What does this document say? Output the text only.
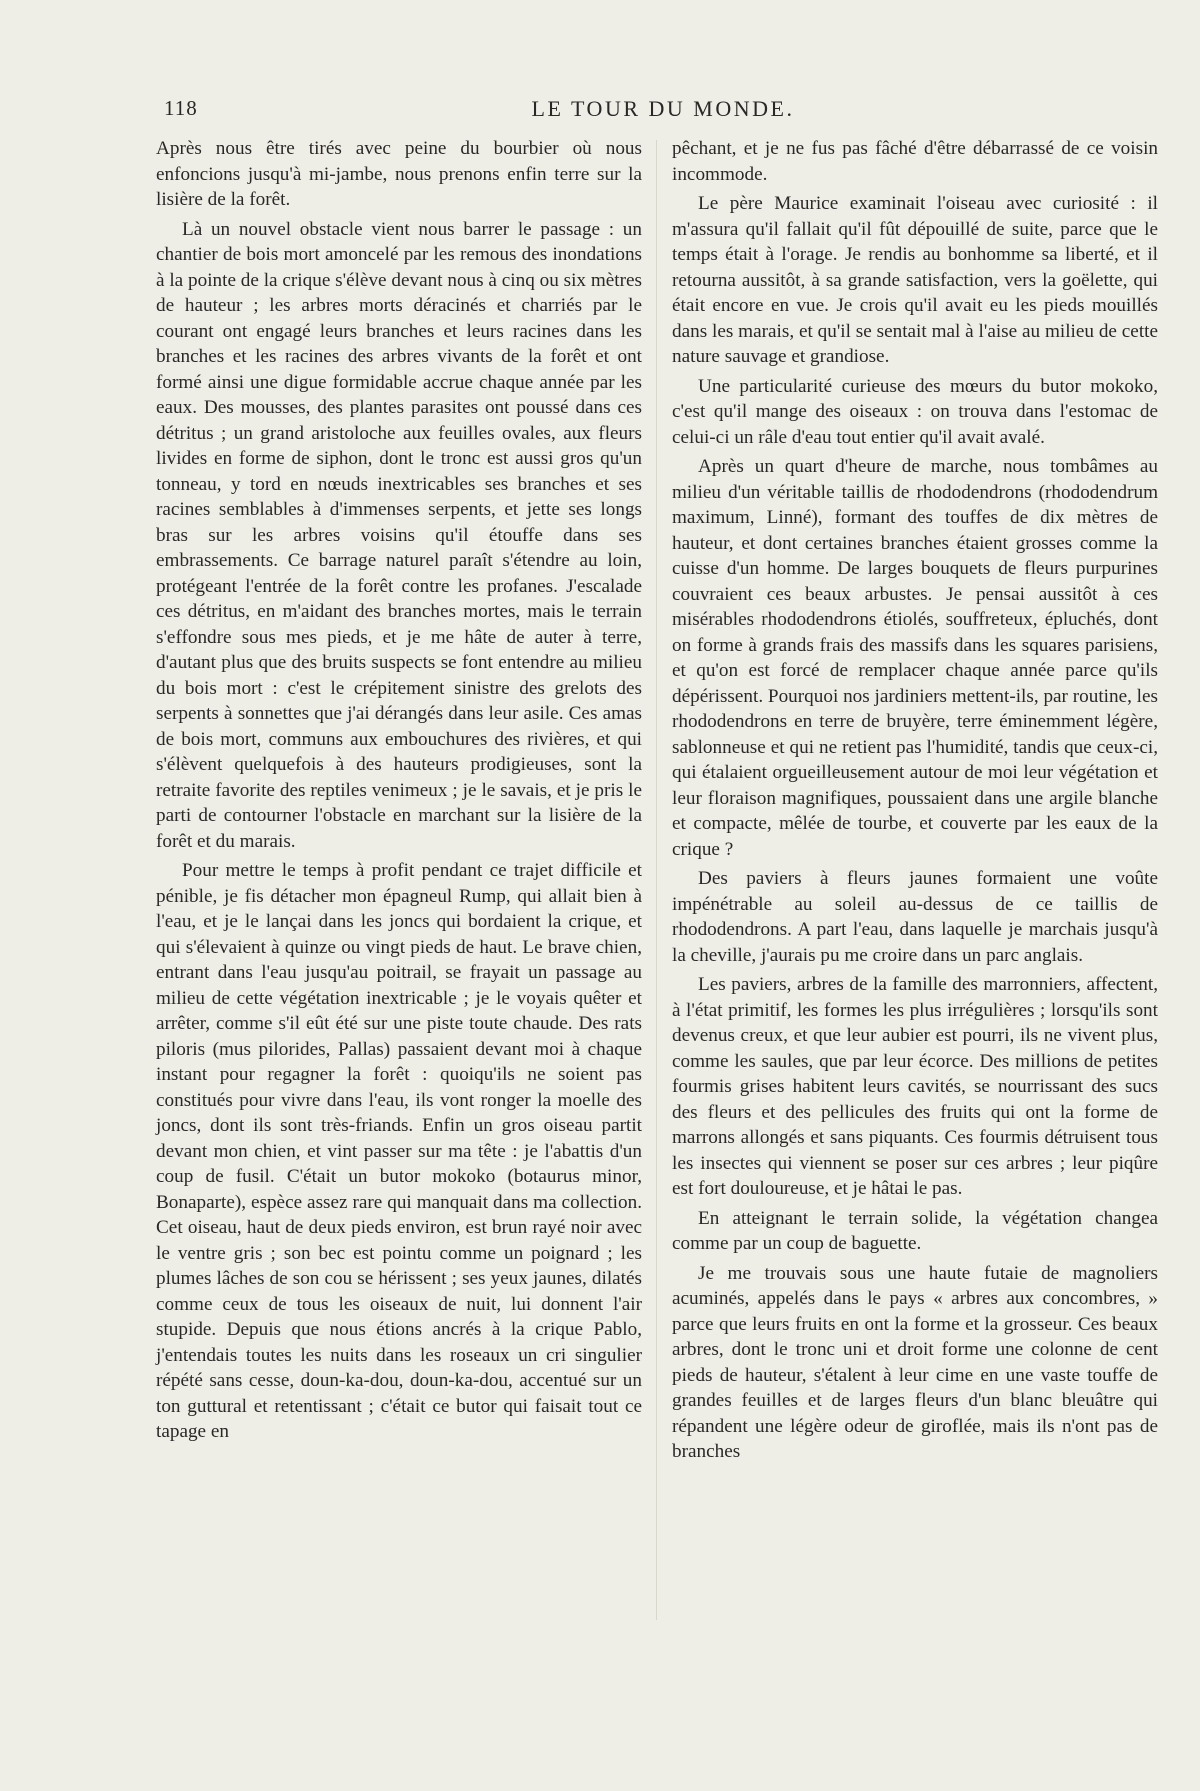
118	LE TOUR DU MONDE.

Après nous être tirés avec peine du bourbier où nous enfoncions jusqu'à mi-jambe, nous prenons enfin terre sur la lisière de la forêt.

Là un nouvel obstacle vient nous barrer le passage : un chantier de bois mort amoncelé par les remous des inondations à la pointe de la crique s'élève devant nous à cinq ou six mètres de hauteur ; les arbres morts déracinés et charriés par le courant ont engagé leurs branches et leurs racines dans les branches et les racines des arbres vivants de la forêt et ont formé ainsi une digue formidable accrue chaque année par les eaux. Des mousses, des plantes parasites ont poussé dans ces détritus ; un grand aristoloche aux feuilles ovales, aux fleurs livides en forme de siphon, dont le tronc est aussi gros qu'un tonneau, y tord en nœuds inextricables ses branches et ses racines semblables à d'immenses serpents, et jette ses longs bras sur les arbres voisins qu'il étouffe dans ses embrassements. Ce barrage naturel paraît s'étendre au loin, protégeant l'entrée de la forêt contre les profanes. J'escalade ces détritus, en m'aidant des branches mortes, mais le terrain s'effondre sous mes pieds, et je me hâte de auter à terre, d'autant plus que des bruits suspects se font entendre au milieu du bois mort : c'est le crépitement sinistre des grelots des serpents à sonnettes que j'ai dérangés dans leur asile. Ces amas de bois mort, communs aux embouchures des rivières, et qui s'élèvent quelquefois à des hauteurs prodigieuses, sont la retraite favorite des reptiles venimeux ; je le savais, et je pris le parti de contourner l'obstacle en marchant sur la lisière de la forêt et du marais.

Pour mettre le temps à profit pendant ce trajet difficile et pénible, je fis détacher mon épagneul Rump, qui allait bien à l'eau, et je le lançai dans les joncs qui bordaient la crique, et qui s'élevaient à quinze ou vingt pieds de haut. Le brave chien, entrant dans l'eau jusqu'au poitrail, se frayait un passage au milieu de cette végétation inextricable ; je le voyais quêter et arrêter, comme s'il eût été sur une piste toute chaude. Des rats piloris (mus pilorides, Pallas) passaient devant moi à chaque instant pour regagner la forêt : quoiqu'ils ne soient pas constitués pour vivre dans l'eau, ils vont ronger la moelle des joncs, dont ils sont très-friands. Enfin un gros oiseau partit devant mon chien, et vint passer sur ma tête : je l'abattis d'un coup de fusil. C'était un butor mokoko (botaurus minor, Bonaparte), espèce assez rare qui manquait dans ma collection. Cet oiseau, haut de deux pieds environ, est brun rayé noir avec le ventre gris ; son bec est pointu comme un poignard ; les plumes lâches de son cou se hérissent ; ses yeux jaunes, dilatés comme ceux de tous les oiseaux de nuit, lui donnent l'air stupide. Depuis que nous étions ancrés à la crique Pablo, j'entendais toutes les nuits dans les roseaux un cri singulier répété sans cesse, doun-ka-dou, doun-ka-dou, accentué sur un ton guttural et retentissant ; c'était ce butor qui faisait tout ce tapage en

pêchant, et je ne fus pas fâché d'être débarrassé de ce voisin incommode.

Le père Maurice examinait l'oiseau avec curiosité : il m'assura qu'il fallait qu'il fût dépouillé de suite, parce que le temps était à l'orage. Je rendis au bonhomme sa liberté, et il retourna aussitôt, à sa grande satisfaction, vers la goëlette, qui était encore en vue. Je crois qu'il avait eu les pieds mouillés dans les marais, et qu'il se sentait mal à l'aise au milieu de cette nature sauvage et grandiose.

Une particularité curieuse des mœurs du butor mokoko, c'est qu'il mange des oiseaux : on trouva dans l'estomac de celui-ci un râle d'eau tout entier qu'il avait avalé.

Après un quart d'heure de marche, nous tombâmes au milieu d'un véritable taillis de rhododendrons (rhododendrum maximum, Linné), formant des touffes de dix mètres de hauteur, et dont certaines branches étaient grosses comme la cuisse d'un homme. De larges bouquets de fleurs purpurines couvraient ces beaux arbustes. Je pensai aussitôt à ces misérables rhododendrons étiolés, souffreteux, épluchés, dont on forme à grands frais des massifs dans les squares parisiens, et qu'on est forcé de remplacer chaque année parce qu'ils dépérissent. Pourquoi nos jardiniers mettent-ils, par routine, les rhododendrons en terre de bruyère, terre éminemment légère, sablonneuse et qui ne retient pas l'humidité, tandis que ceux-ci, qui étalaient orgueilleusement autour de moi leur végétation et leur floraison magnifiques, poussaient dans une argile blanche et compacte, mêlée de tourbe, et couverte par les eaux de la crique ?

Des paviers à fleurs jaunes formaient une voûte impénétrable au soleil au-dessus de ce taillis de rhododendrons. A part l'eau, dans laquelle je marchais jusqu'à la cheville, j'aurais pu me croire dans un parc anglais.

Les paviers, arbres de la famille des marronniers, affectent, à l'état primitif, les formes les plus irrégulières ; lorsqu'ils sont devenus creux, et que leur aubier est pourri, ils ne vivent plus, comme les saules, que par leur écorce. Des millions de petites fourmis grises habitent leurs cavités, se nourrissant des sucs des fleurs et des pellicules des fruits qui ont la forme de marrons allongés et sans piquants. Ces fourmis détruisent tous les insectes qui viennent se poser sur ces arbres ; leur piqûre est fort douloureuse, et je hâtai le pas.

En atteignant le terrain solide, la végétation changea comme par un coup de baguette.

Je me trouvais sous une haute futaie de magnoliers acuminés, appelés dans le pays « arbres aux concombres, » parce que leurs fruits en ont la forme et la grosseur. Ces beaux arbres, dont le tronc uni et droit forme une colonne de cent pieds de hauteur, s'étalent à leur cime en une vaste touffe de grandes feuilles et de larges fleurs d'un blanc bleuâtre qui répandent une légère odeur de giroflée, mais ils n'ont pas de branches
